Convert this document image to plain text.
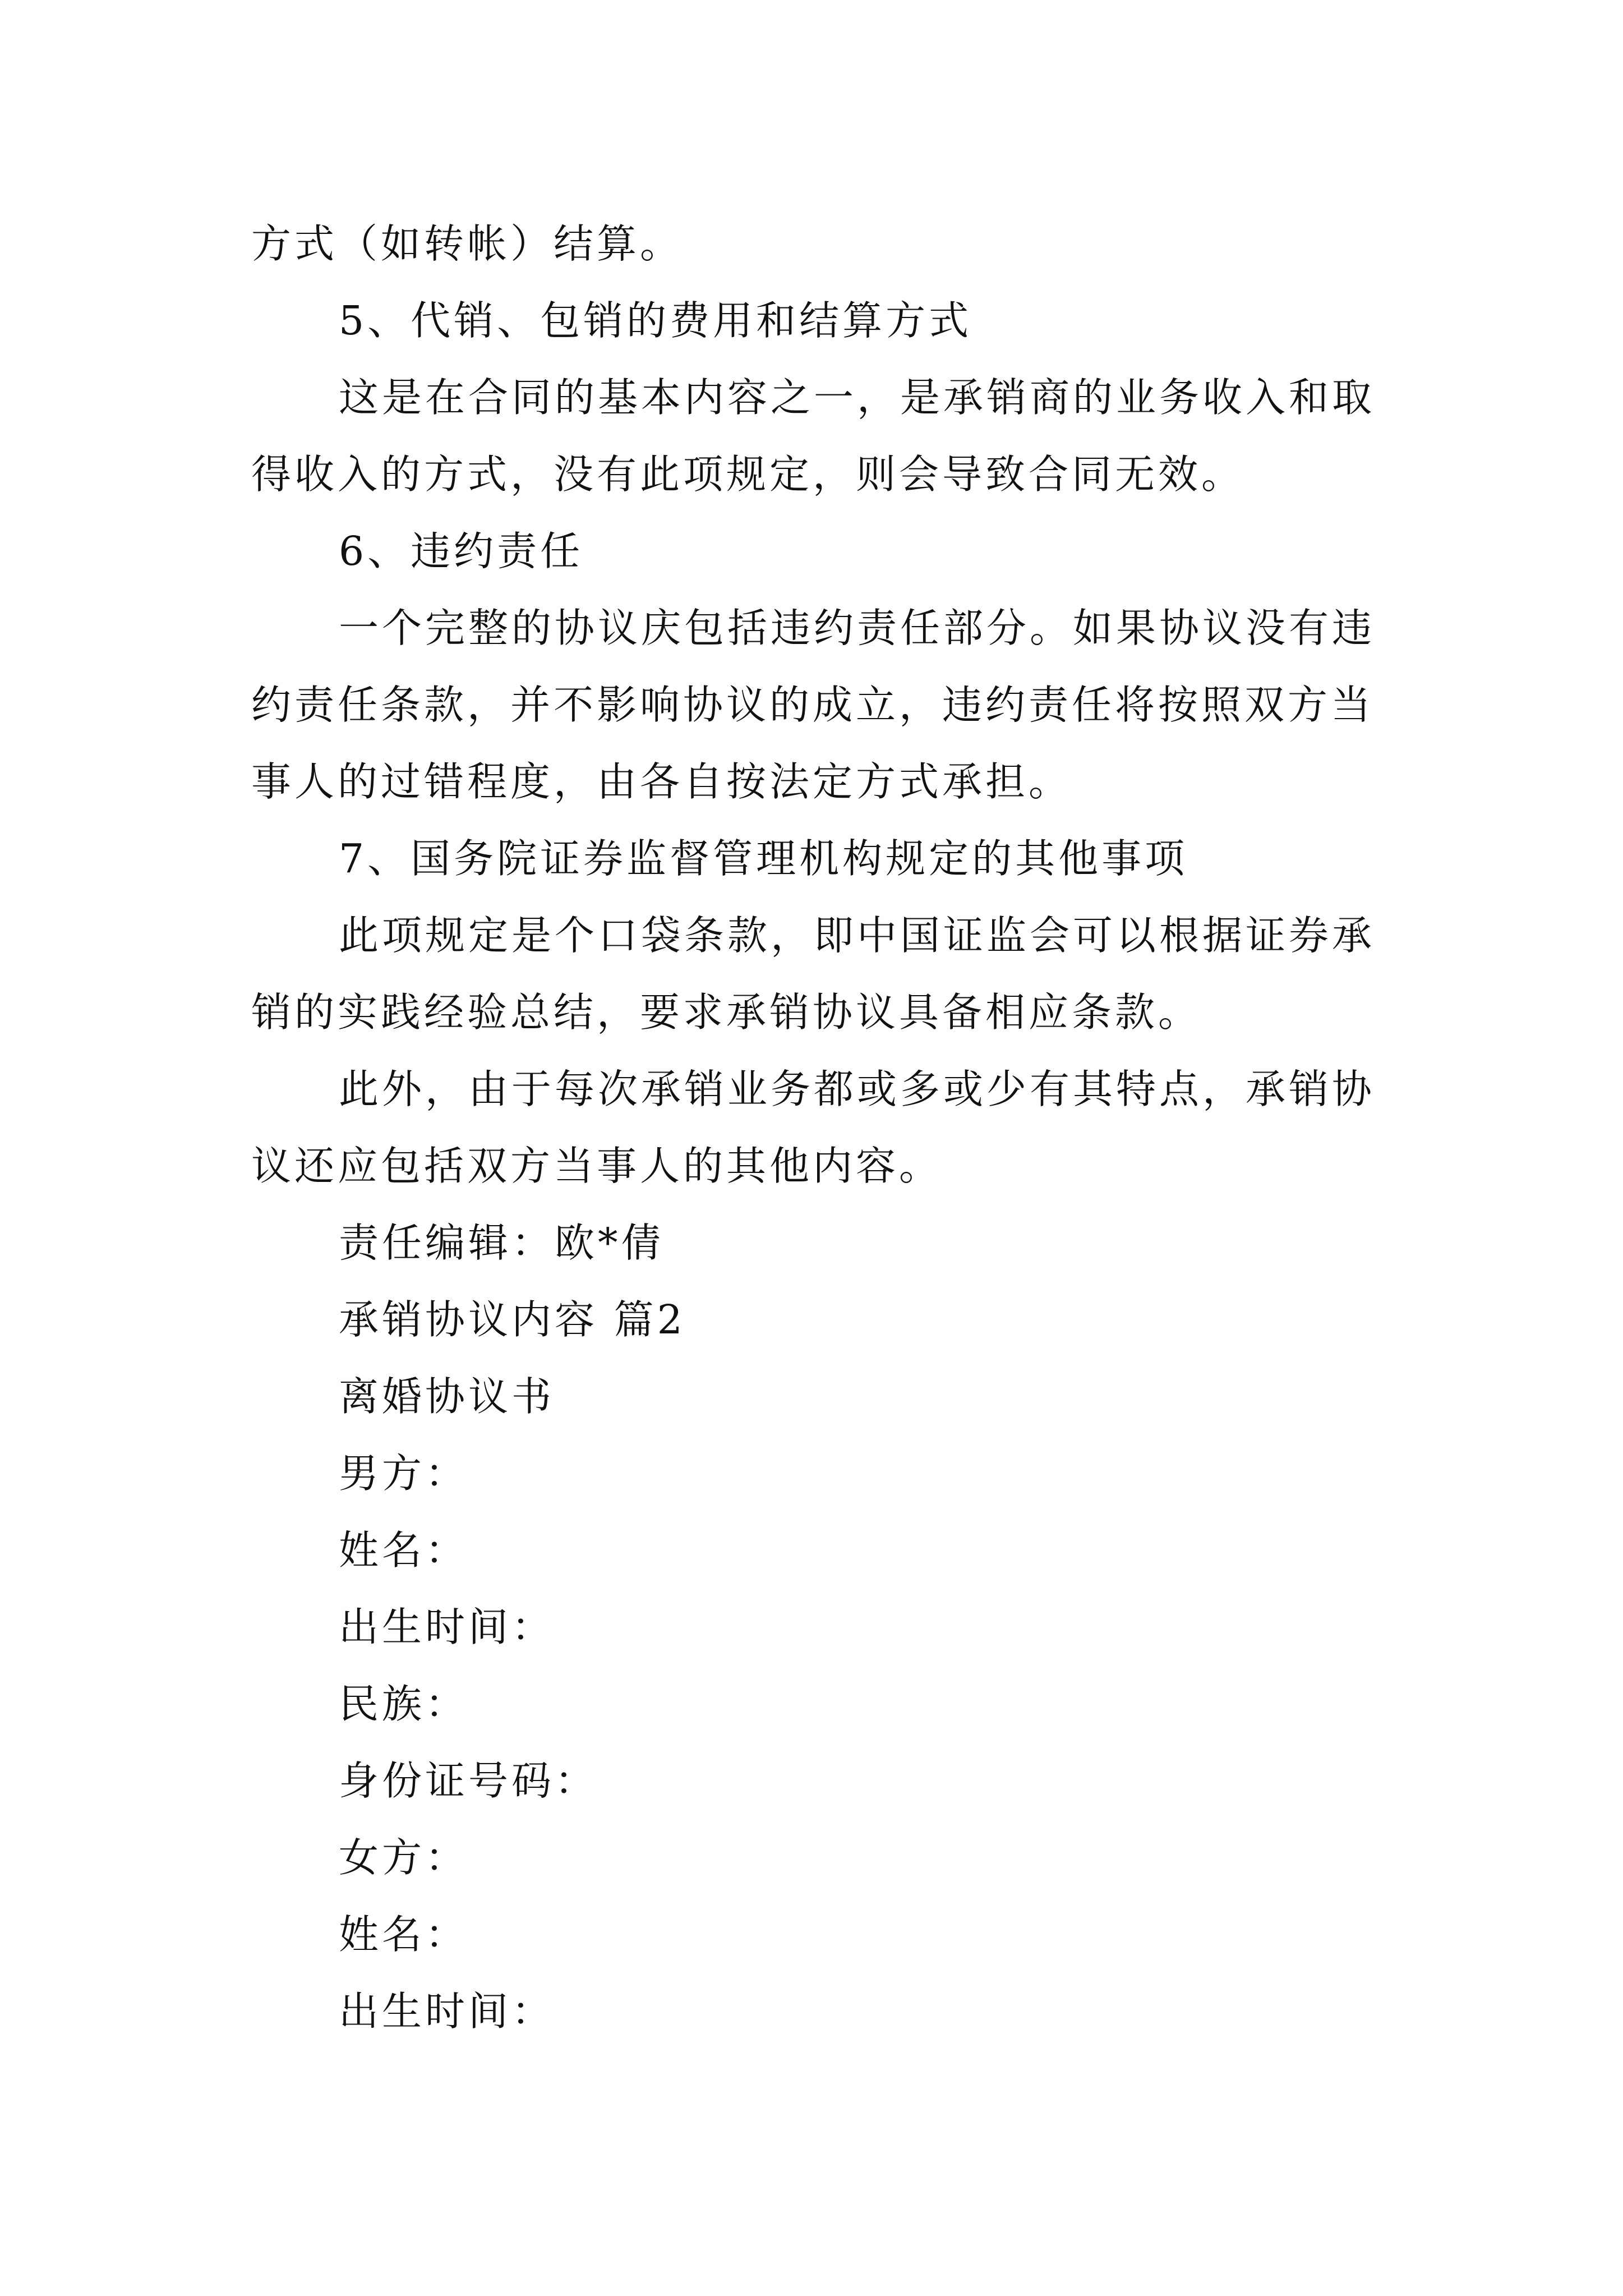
方式（如转帐）结算。
5、代销、包销的费用和结算方式
这是在合同的基本内容之一，是承销商的业务收入和取
得收入的方式，没有此项规定，则会导致合同无效。
6、违约责任
一个完整的协议庆包括违约责任部分。如果协议没有违
约责任条款，并不影响协议的成立，违约责任将按照双方当
事人的过错程度，由各自按法定方式承担。
7、国务院证券监督管理机构规定的其他事项
此项规定是个口袋条款，即中国证监会可以根据证券承
销的实践经验总结，要求承销协议具备相应条款。
此外，由于每次承销业务都或多或少有其特点，承销协
议还应包括双方当事人的其他内容。
责任编辑：欧*倩
承销协议内容 篇2
离婚协议书
男方：
姓名：
出生时间：
民族：
身份证号码：
女方：
姓名：
出生时间：
